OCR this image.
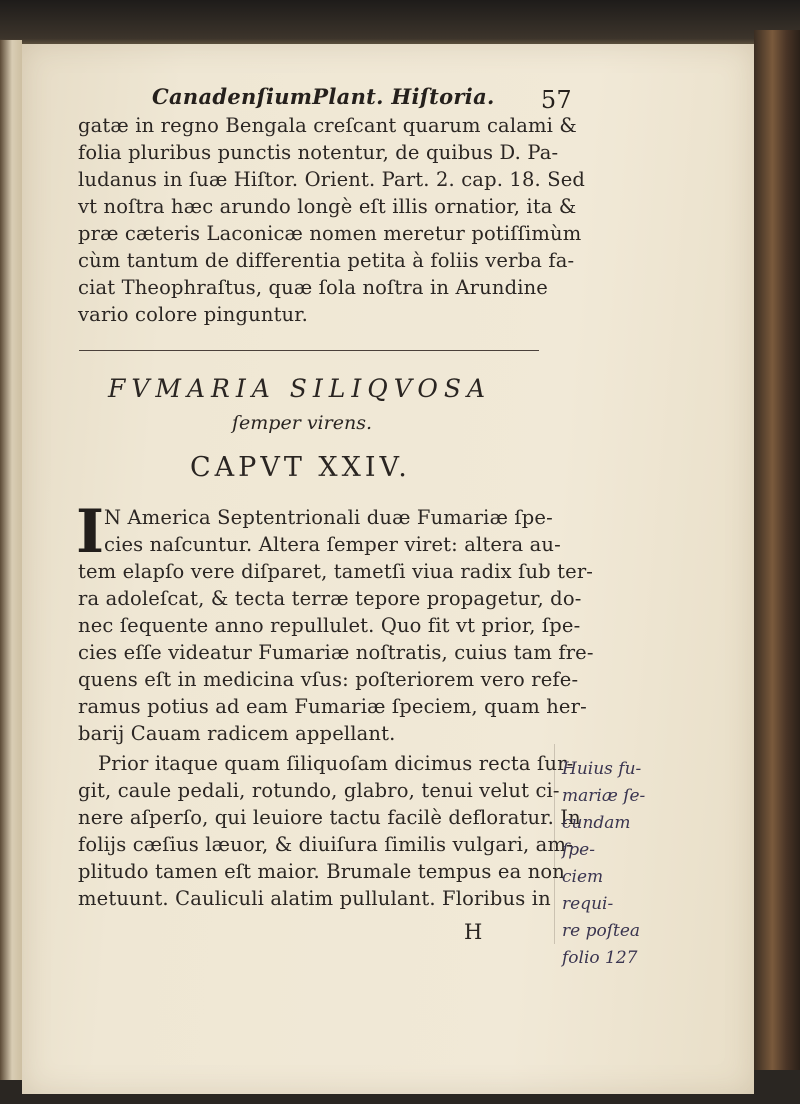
CanadenſiumPlant. Hiſtoria. 57
gatæ in regno Bengala creſcant quarum calami &
folia pluribus punctis notentur, de quibus D. Pa-
ludanus in ſuæ Hiſtor. Orient. Part. 2. cap. 18. Sed
vt noſtra hæc arundo longè eſt illis ornatior, ita &
præ cæteris Laconicæ nomen meretur potiſſimùm
cùm tantum de differentia petita à foliis verba fa-
ciat Theophraſtus, quæ ſola noſtra in Arundine
vario colore pinguntur.
FVMARIA SILIQVOSA
ſemper virens.
CAPVT XXIV.
I N America Septentrionali duæ Fumariæ ſpe-
cies naſcuntur. Altera ſemper viret: altera au-
tem elapſo vere diſparet, tametſi viua radix ſub ter-
ra adoleſcat, & tecta terræ tepore propagetur, do-
nec ſequente anno repullulet. Quo fit vt prior, ſpe-
cies eſſe videatur Fumariæ noſtratis, cuius tam fre-
quens eſt in medicina vſus: poſteriorem vero refe-
ramus potius ad eam Fumariæ ſpeciem, quam her-
barij Cauam radicem appellant.
Prior itaque quam ſiliquoſam dicimus recta ſur-
git, caule pedali, rotundo, glabro, tenui velut ci-
nere aſperſo, qui leuiore tactu facilè defloratur. In
folijs cæſius læuor, & diuiſura ſimilis vulgari, am-
plitudo tamen eſt maior. Brumale tempus ea non
metuunt. Cauliculi alatim pullulant. Floribus in
Huius fu-
mariæ ſe-
cundam ſpe-
ciem requi-
re poſtea
folio 127
H
